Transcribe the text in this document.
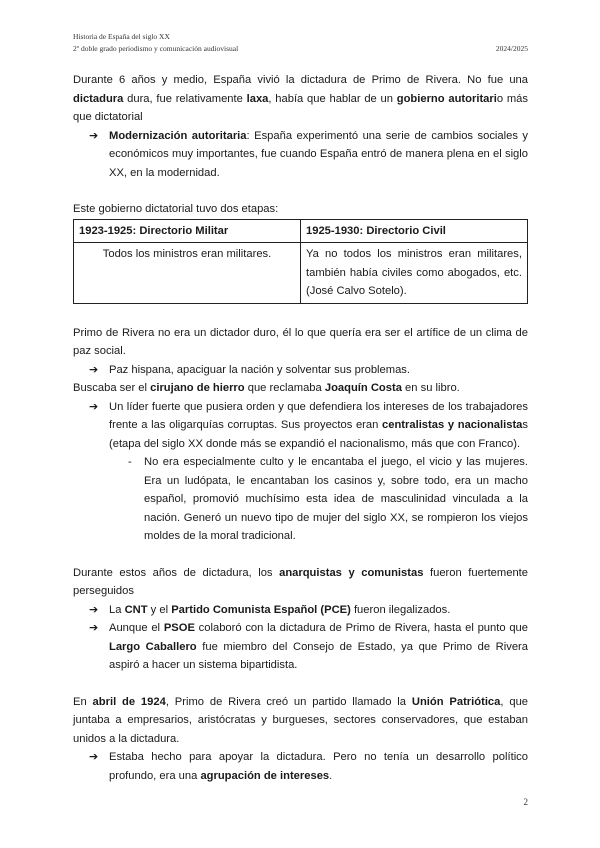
Historia de España del siglo XX
2º doble grado periodismo y comunicación audiovisual	2024/2025

Durante 6 años y medio, España vivió la dictadura de Primo de Rivera. No fue una dictadura dura, fue relativamente laxa, había que hablar de un gobierno autoritario más que dictatorial

➔ Modernización autoritaria: España experimentó una serie de cambios sociales y económicos muy importantes, fue cuando España entró de manera plena en el siglo XX, en la modernidad.

Este gobierno dictatorial tuvo dos etapas:

1923-1925: Directorio Militar	1925-1930: Directorio Civil
Todos los ministros eran militares.	Ya no todos los ministros eran militares, también había civiles como abogados, etc. (José Calvo Sotelo).

Primo de Rivera no era un dictador duro, él lo que quería era ser el artífice de un clima de paz social.

➔ Paz hispana, apaciguar la nación y solventar sus problemas.

Buscaba ser el cirujano de hierro que reclamaba Joaquín Costa en su libro.

➔ Un líder fuerte que pusiera orden y que defendiera los intereses de los trabajadores frente a las oligarquías corruptas. Sus proyectos eran centralistas y nacionalistas (etapa del siglo XX donde más se expandió el nacionalismo, más que con Franco).

- No era especialmente culto y le encantaba el juego, el vicio y las mujeres. Era un ludópata, le encantaban los casinos y, sobre todo, era un macho español, promovió muchísimo esta idea de masculinidad vinculada a la nación. Generó un nuevo tipo de mujer del siglo XX, se rompieron los viejos moldes de la moral tradicional.

Durante estos años de dictadura, los anarquistas y comunistas fueron fuertemente perseguidos

➔ La CNT y el Partido Comunista Español (PCE) fueron ilegalizados.

➔ Aunque el PSOE colaboró con la dictadura de Primo de Rivera, hasta el punto que Largo Caballero fue miembro del Consejo de Estado, ya que Primo de Rivera aspiró a hacer un sistema bipartidista.

En abril de 1924, Primo de Rivera creó un partido llamado la Unión Patriótica, que juntaba a empresarios, aristócratas y burgueses, sectores conservadores, que estaban unidos a la dictadura.

➔ Estaba hecho para apoyar la dictadura. Pero no tenía un desarrollo político profundo, era una agrupación de intereses.

2
